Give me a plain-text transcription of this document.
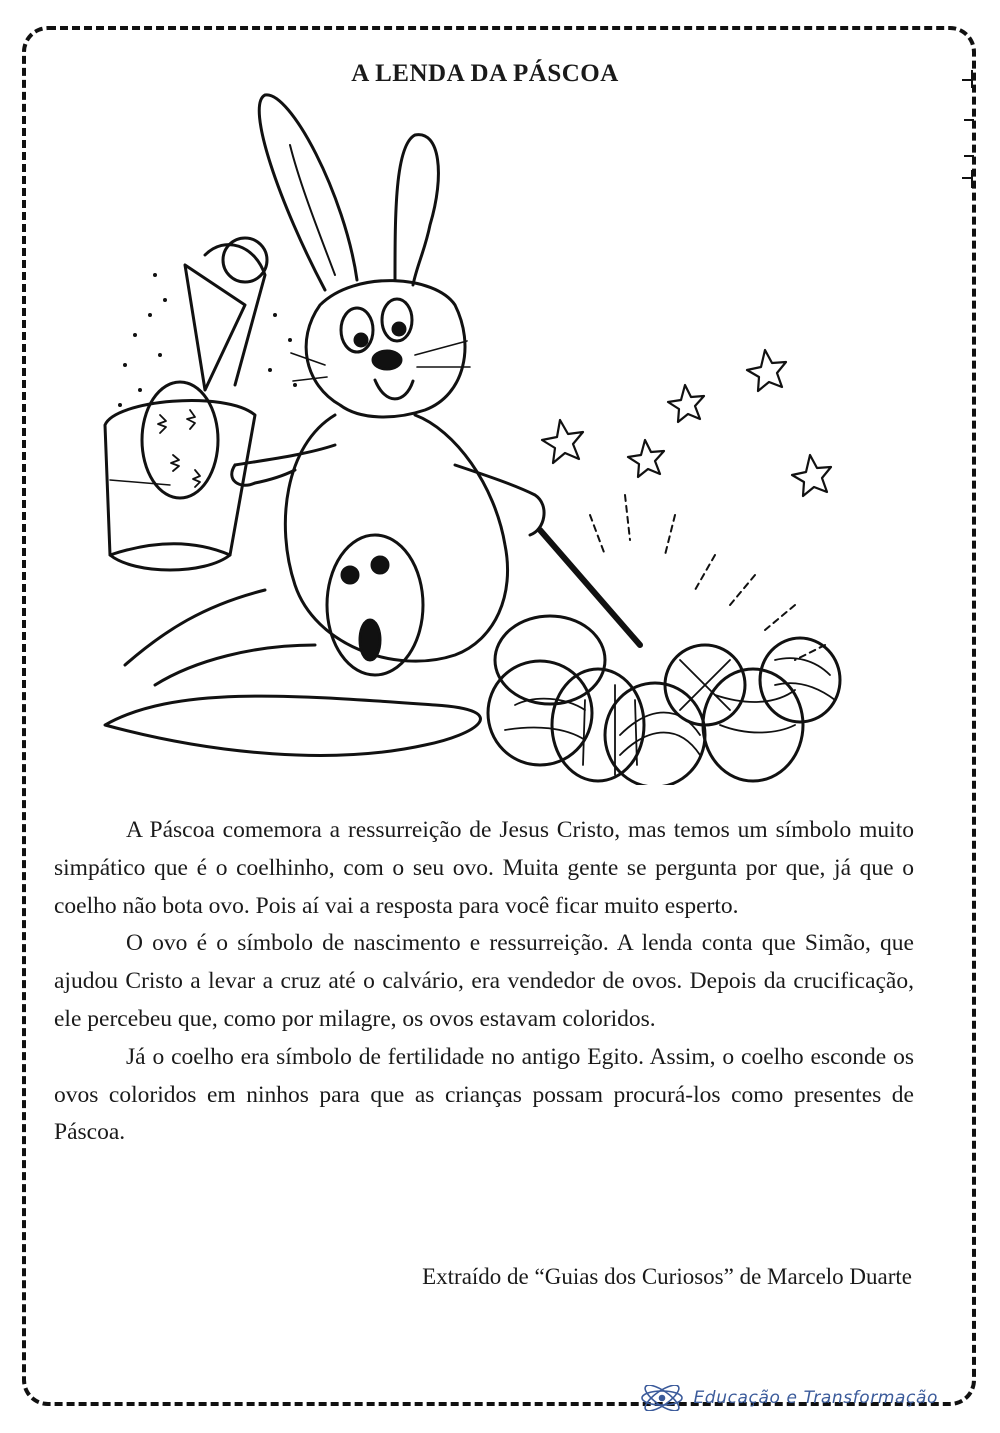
A LENDA DA PÁSCOA

A Páscoa comemora a ressurreição de Jesus Cristo, mas temos um símbolo muito simpático que é o coelhinho, com o seu ovo. Muita gente se pergunta por que, já que o coelho não bota ovo. Pois aí vai a resposta para você ficar muito esperto.

O ovo é o símbolo de nascimento e ressurreição. A lenda conta que Simão, que ajudou Cristo a levar a cruz até o calvário, era vendedor de ovos. Depois da crucificação, ele percebeu que, como por milagre, os ovos estavam coloridos.

Já o coelho era símbolo de fertilidade no antigo Egito. Assim, o coelho esconde os ovos coloridos em ninhos para que as crianças possam procurá-los como presentes de Páscoa.

Extraído de “Guias dos Curiosos” de Marcelo Duarte

Educação e Transformação
